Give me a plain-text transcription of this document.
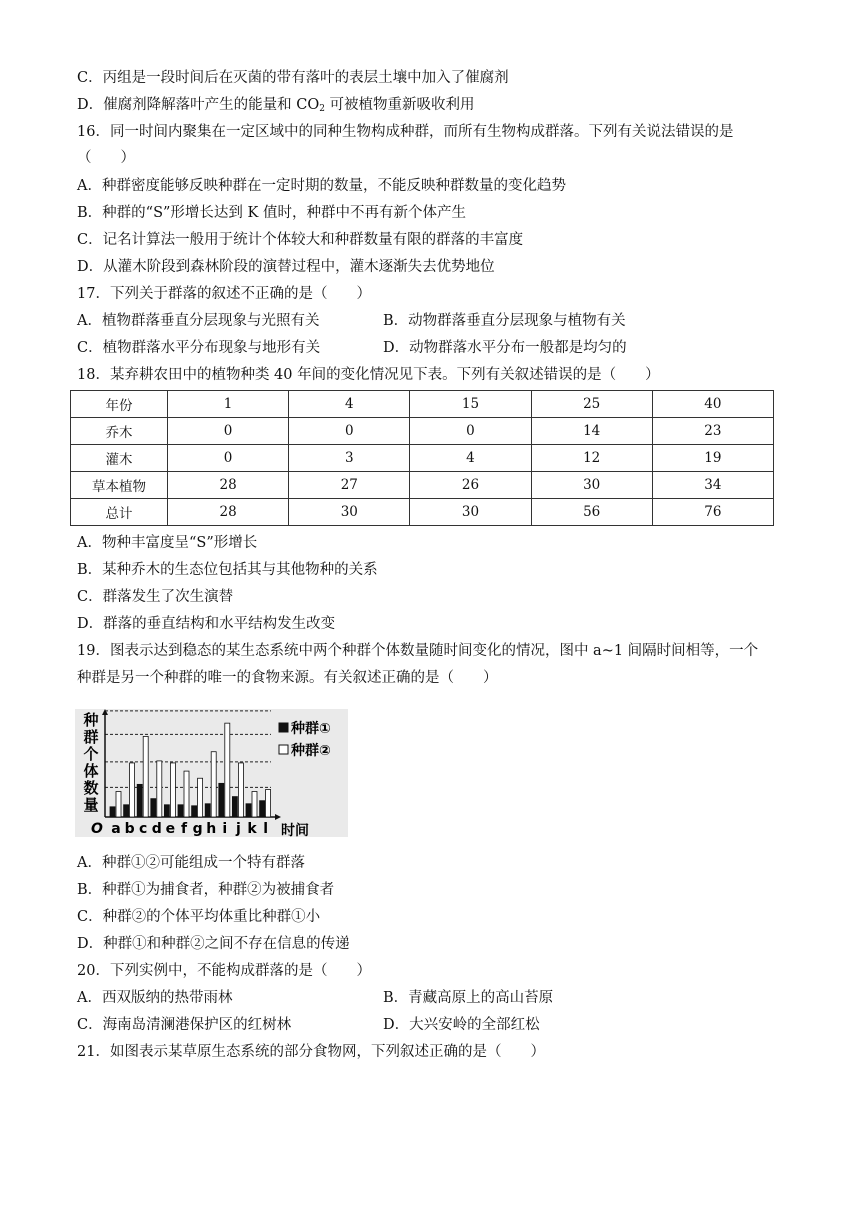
C．丙组是一段时间后在灭菌的带有落叶的表层土壤中加入了催腐剂
D．催腐剂降解落叶产生的能量和 $CO_2$ 可被植物重新吸收利用
16．同一时间内聚集在一定区域中的同种生物构成种群，而所有生物构成群落。下列有关说法错误的是
（　　）
A．种群密度能够反映种群在一定时期的数量，不能反映种群数量的变化趋势
B．种群的“S”形增长达到 K 值时，种群中不再有新个体产生
C．记名计算法一般用于统计个体较大和种群数量有限的群落的丰富度
D．从灌木阶段到森林阶段的演替过程中，灌木逐渐失去优势地位
17．下列关于群落的叙述不正确的是（　　）
A．植物群落垂直分层现象与光照有关	B．动物群落垂直分层现象与植物有关
C．植物群落水平分布现象与地形有关	D．动物群落水平分布一般都是均匀的
18．某弃耕农田中的植物种类 40 年间的变化情况见下表。下列有关叙述错误的是（　　）
年份	1	4	15	25	40
乔木	0	0	0	14	23
灌木	0	3	4	12	19
草本植物	28	27	26	30	34
总计	28	30	30	56	76
A．物种丰富度呈“S”形增长
B．某种乔木的生态位包括其与其他物种的关系
C．群落发生了次生演替
D．群落的垂直结构和水平结构发生改变
19．图表示达到稳态的某生态系统中两个种群个体数量随时间变化的情况，图中 a~1 间隔时间相等，一个
种群是另一个种群的唯一的食物来源。有关叙述正确的是（　　）
种
群
个
体
数
量
a b c d e f g h i j k l
O	时间
种群①
种群②
A．种群①②可能组成一个特有群落
B．种群①为捕食者，种群②为被捕食者
C．种群②的个体平均体重比种群①小
D．种群①和种群②之间不存在信息的传递
20．下列实例中，不能构成群落的是（　　）
A．西双版纳的热带雨林	B．青藏高原上的高山苔原
C．海南岛清澜港保护区的红树林	D．大兴安岭的全部红松
21．如图表示某草原生态系统的部分食物网，下列叙述正确的是（　　）
